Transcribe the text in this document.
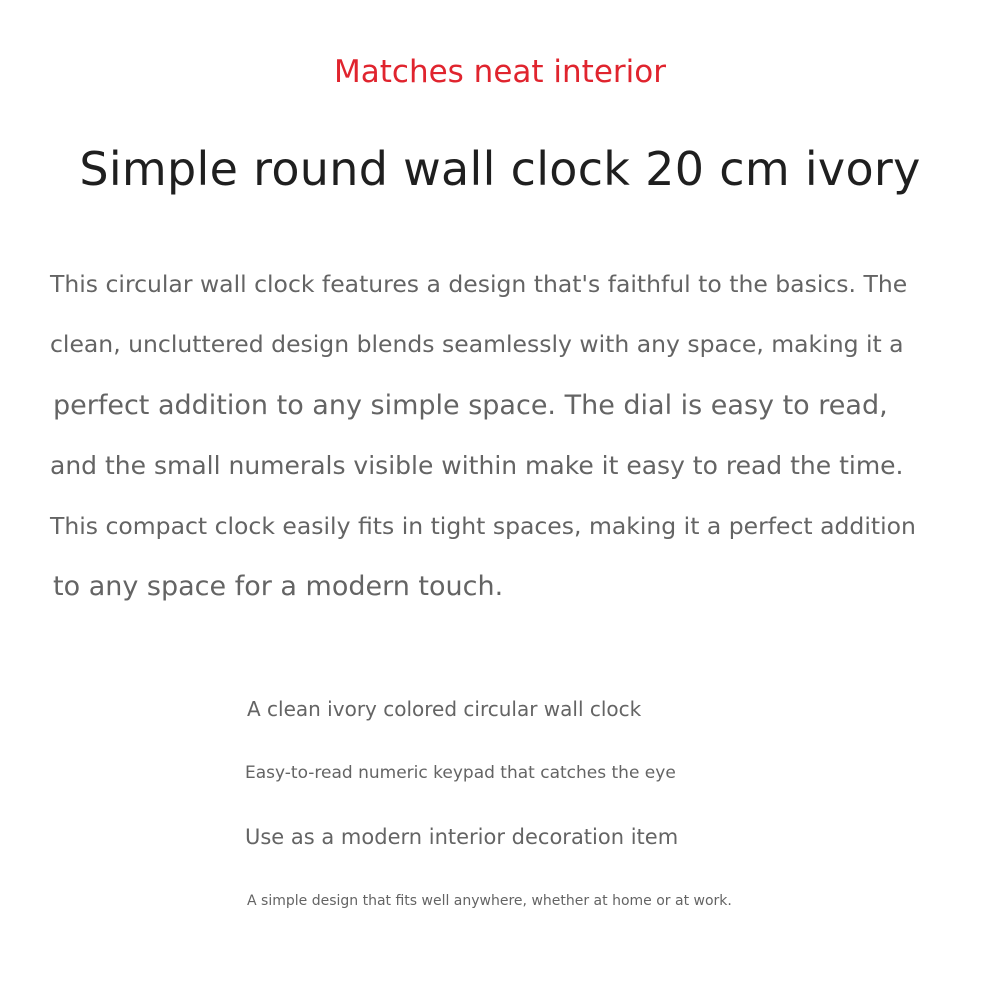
Matches neat interior
Simple round wall clock 20 cm ivory
This circular wall clock features a design that's faithful to the basics. The
clean, uncluttered design blends seamlessly with any space, making it a
perfect addition to any simple space. The dial is easy to read,
and the small numerals visible within make it easy to read the time.
This compact clock easily fits in tight spaces, making it a perfect addition
to any space for a modern touch.
A clean ivory colored circular wall clock
Easy-to-read numeric keypad that catches the eye
Use as a modern interior decoration item
A simple design that fits well anywhere, whether at home or at work.
